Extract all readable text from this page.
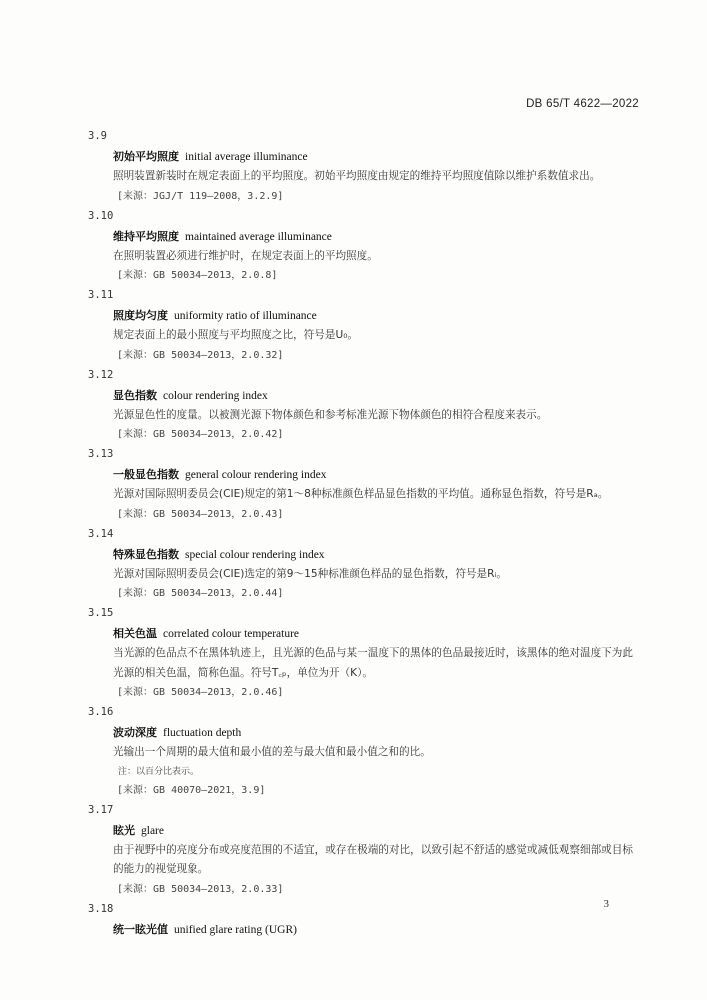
DB 65/T 4622—2022
3.9
初始平均照度 initial average illuminance
照明装置新装时在规定表面上的平均照度。初始平均照度由规定的维持平均照度值除以维护系数值求出。
[来源：JGJ/T 119—2008，3.2.9]
3.10
维持平均照度 maintained average illuminance
在照明装置必须进行维护时，在规定表面上的平均照度。
[来源：GB 50034—2013，2.0.8]
3.11
照度均匀度 uniformity ratio of illuminance
规定表面上的最小照度与平均照度之比，符号是U₀。
[来源：GB 50034—2013，2.0.32]
3.12
显色指数 colour rendering index
光源显色性的度量。以被测光源下物体颜色和参考标准光源下物体颜色的相符合程度来表示。
[来源：GB 50034—2013，2.0.42]
3.13
一般显色指数 general colour rendering index
光源对国际照明委员会(CIE)规定的第1～8种标准颜色样品显色指数的平均值。通称显色指数，符号是Rₐ。
[来源：GB 50034—2013，2.0.43]
3.14
特殊显色指数 special colour rendering index
光源对国际照明委员会(CIE)选定的第9～15种标准颜色样品的显色指数，符号是Rᵢ。
[来源：GB 50034—2013，2.0.44]
3.15
相关色温 correlated colour temperature
当光源的色品点不在黑体轨迹上，且光源的色品与某一温度下的黑体的色品最接近时，该黑体的绝对温度下为此光源的相关色温，简称色温。符号T꜀ₚ，单位为开（K）。
[来源：GB 50034—2013，2.0.46]
3.16
波动深度 fluctuation depth
光输出一个周期的最大值和最小值的差与最大值和最小值之和的比。
注：以百分比表示。
[来源：GB 40070—2021，3.9]
3.17
眩光 glare
由于视野中的亮度分布或亮度范围的不适宜，或存在极端的对比，以致引起不舒适的感觉或减低观察细部或目标的能力的视觉现象。
[来源：GB 50034—2013，2.0.33]
3.18
统一眩光值 unified glare rating (UGR)
3
